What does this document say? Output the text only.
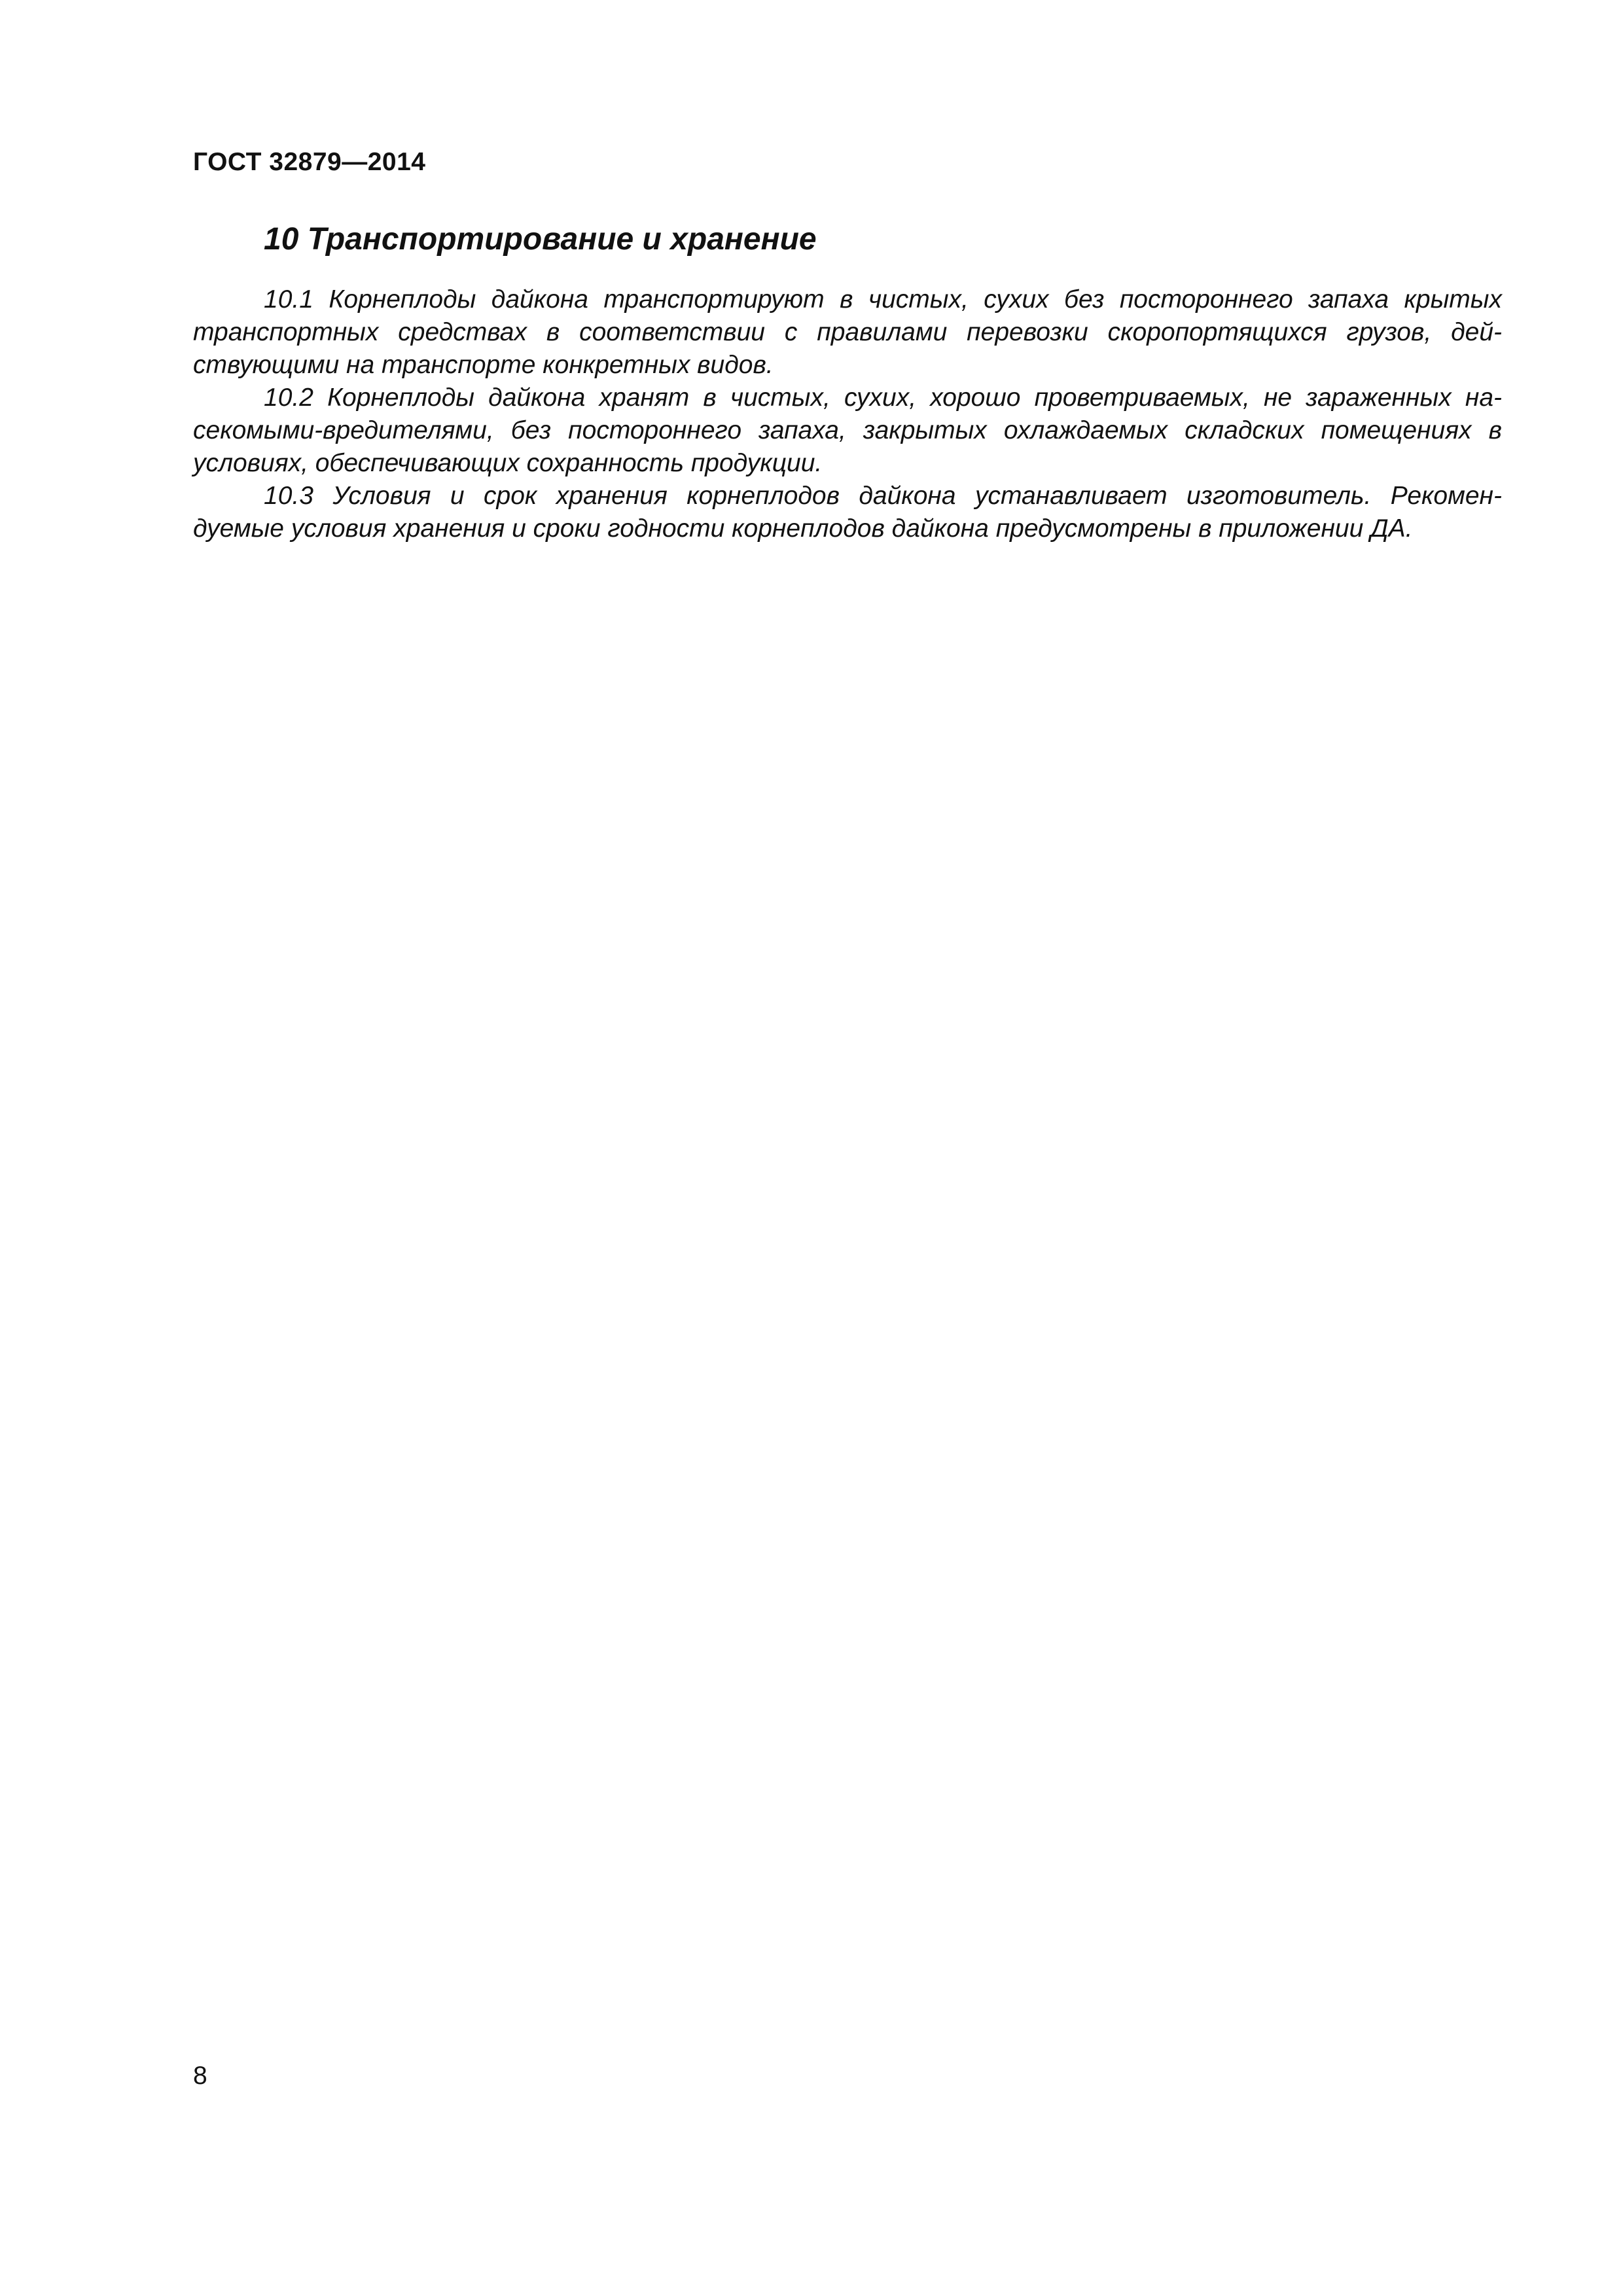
ГОСТ 32879—2014
10 Транспортирование и хранение
10.1 Корнеплоды дайкона транспортируют в чистых, сухих без постороннего запаха крытых
транспортных средствах в соответствии с правилами перевозки скоропортящихся грузов, дей-
ствующими на транспорте конкретных видов.
10.2 Корнеплоды дайкона хранят в чистых, сухих, хорошо проветриваемых, не зараженных на-
секомыми-вредителями, без постороннего запаха, закрытых охлаждаемых складских помещениях в
условиях, обеспечивающих сохранность продукции.
10.3 Условия и срок хранения корнеплодов дайкона устанавливает изготовитель. Рекомен-
дуемые условия хранения и сроки годности корнеплодов дайкона предусмотрены в приложении ДА.
8
